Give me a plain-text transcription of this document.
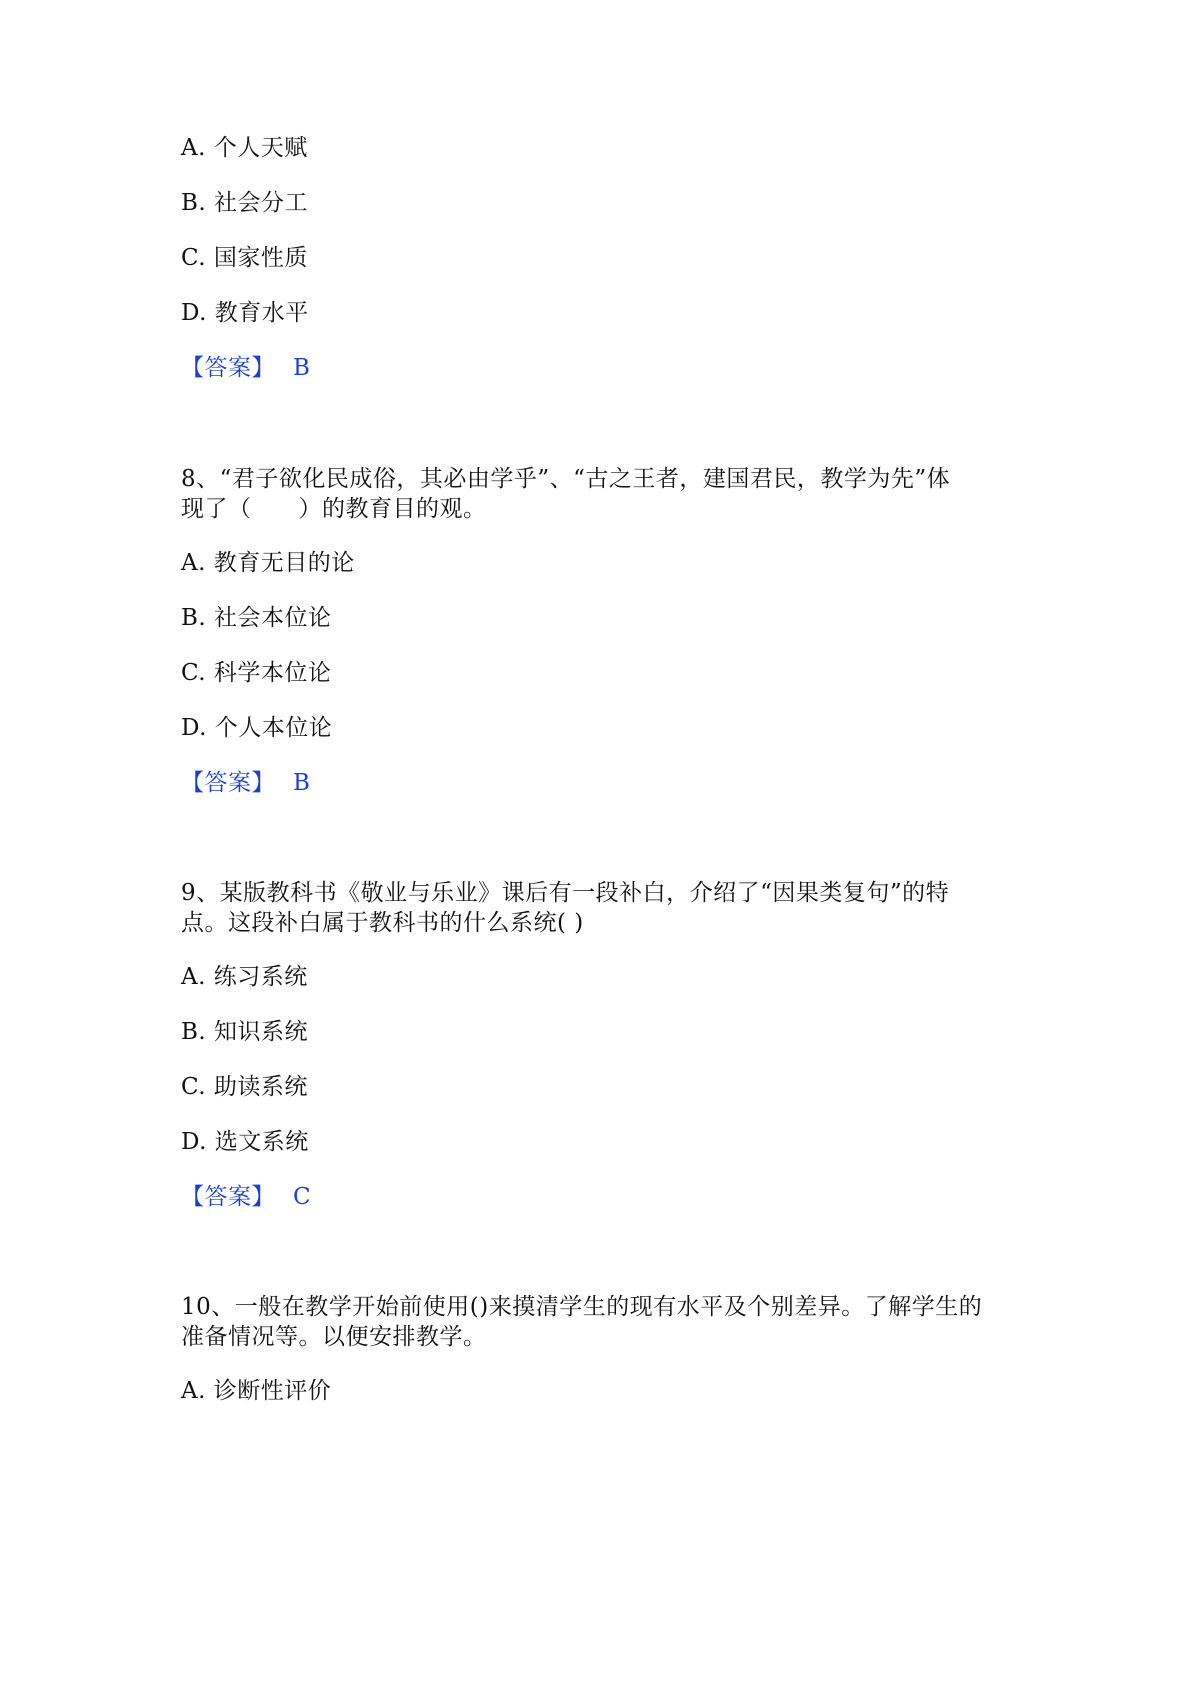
A. 个人天赋
B. 社会分工
C. 国家性质
D. 教育水平
【答案】 B
8、“君子欲化民成俗，其必由学乎”、“古之王者，建国君民，教学为先”体
现了（　　）的教育目的观。
A. 教育无目的论
B. 社会本位论
C. 科学本位论
D. 个人本位论
【答案】 B
9、某版教科书《敬业与乐业》课后有一段补白，介绍了“因果类复句”的特
点。这段补白属于教科书的什么系统( )
A. 练习系统
B. 知识系统
C. 助读系统
D. 选文系统
【答案】 C
10、一般在教学开始前使用()来摸清学生的现有水平及个别差异。了解学生的
准备情况等。以便安排教学。
A. 诊断性评价
